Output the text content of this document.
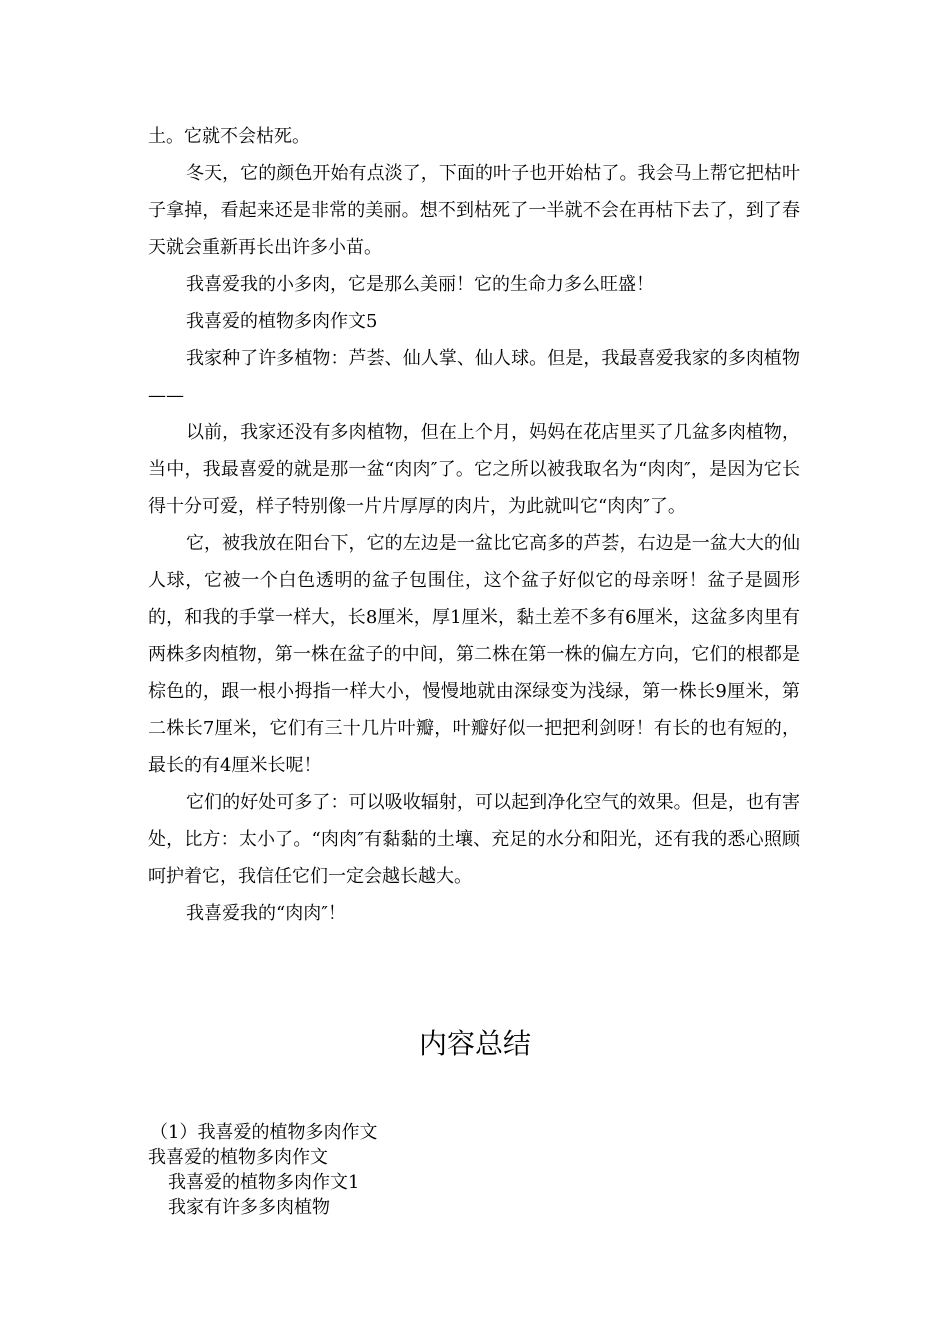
土。它就不会枯死。

冬天，它的颜色开始有点淡了，下面的叶子也开始枯了。我会马上帮它把枯叶子拿掉，看起来还是非常的美丽。想不到枯死了一半就不会在再枯下去了，到了春天就会重新再长出许多小苗。

我喜爱我的小多肉，它是那么美丽！它的生命力多么旺盛！

我喜爱的植物多肉作文5

我家种了许多植物：芦荟、仙人掌、仙人球。但是，我最喜爱我家的多肉植物——

以前，我家还没有多肉植物，但在上个月，妈妈在花店里买了几盆多肉植物，当中，我最喜爱的就是那一盆“肉肉″了。它之所以被我取名为“肉肉″，是因为它长得十分可爱，样子特别像一片片厚厚的肉片，为此就叫它“肉肉″了。

它，被我放在阳台下，它的左边是一盆比它高多的芦荟，右边是一盆大大的仙人球，它被一个白色透明的盆子包围住，这个盆子好似它的母亲呀！盆子是圆形的，和我的手掌一样大，长8厘米，厚1厘米，黏土差不多有6厘米，这盆多肉里有两株多肉植物，第一株在盆子的中间，第二株在第一株的偏左方向，它们的根都是棕色的，跟一根小拇指一样大小，慢慢地就由深绿变为浅绿，第一株长9厘米，第二株长7厘米，它们有三十几片叶瓣，叶瓣好似一把把利剑呀！有长的也有短的，最长的有4厘米长呢！

它们的好处可多了：可以吸收辐射，可以起到净化空气的效果。但是，也有害处，比方：太小了。“肉肉″有黏黏的土壤、充足的水分和阳光，还有我的悉心照顾呵护着它，我信任它们一定会越长越大。

我喜爱我的“肉肉″！

内容总结
（1）我喜爱的植物多肉作文
我喜爱的植物多肉作文
我喜爱的植物多肉作文1
我家有许多多肉植物
